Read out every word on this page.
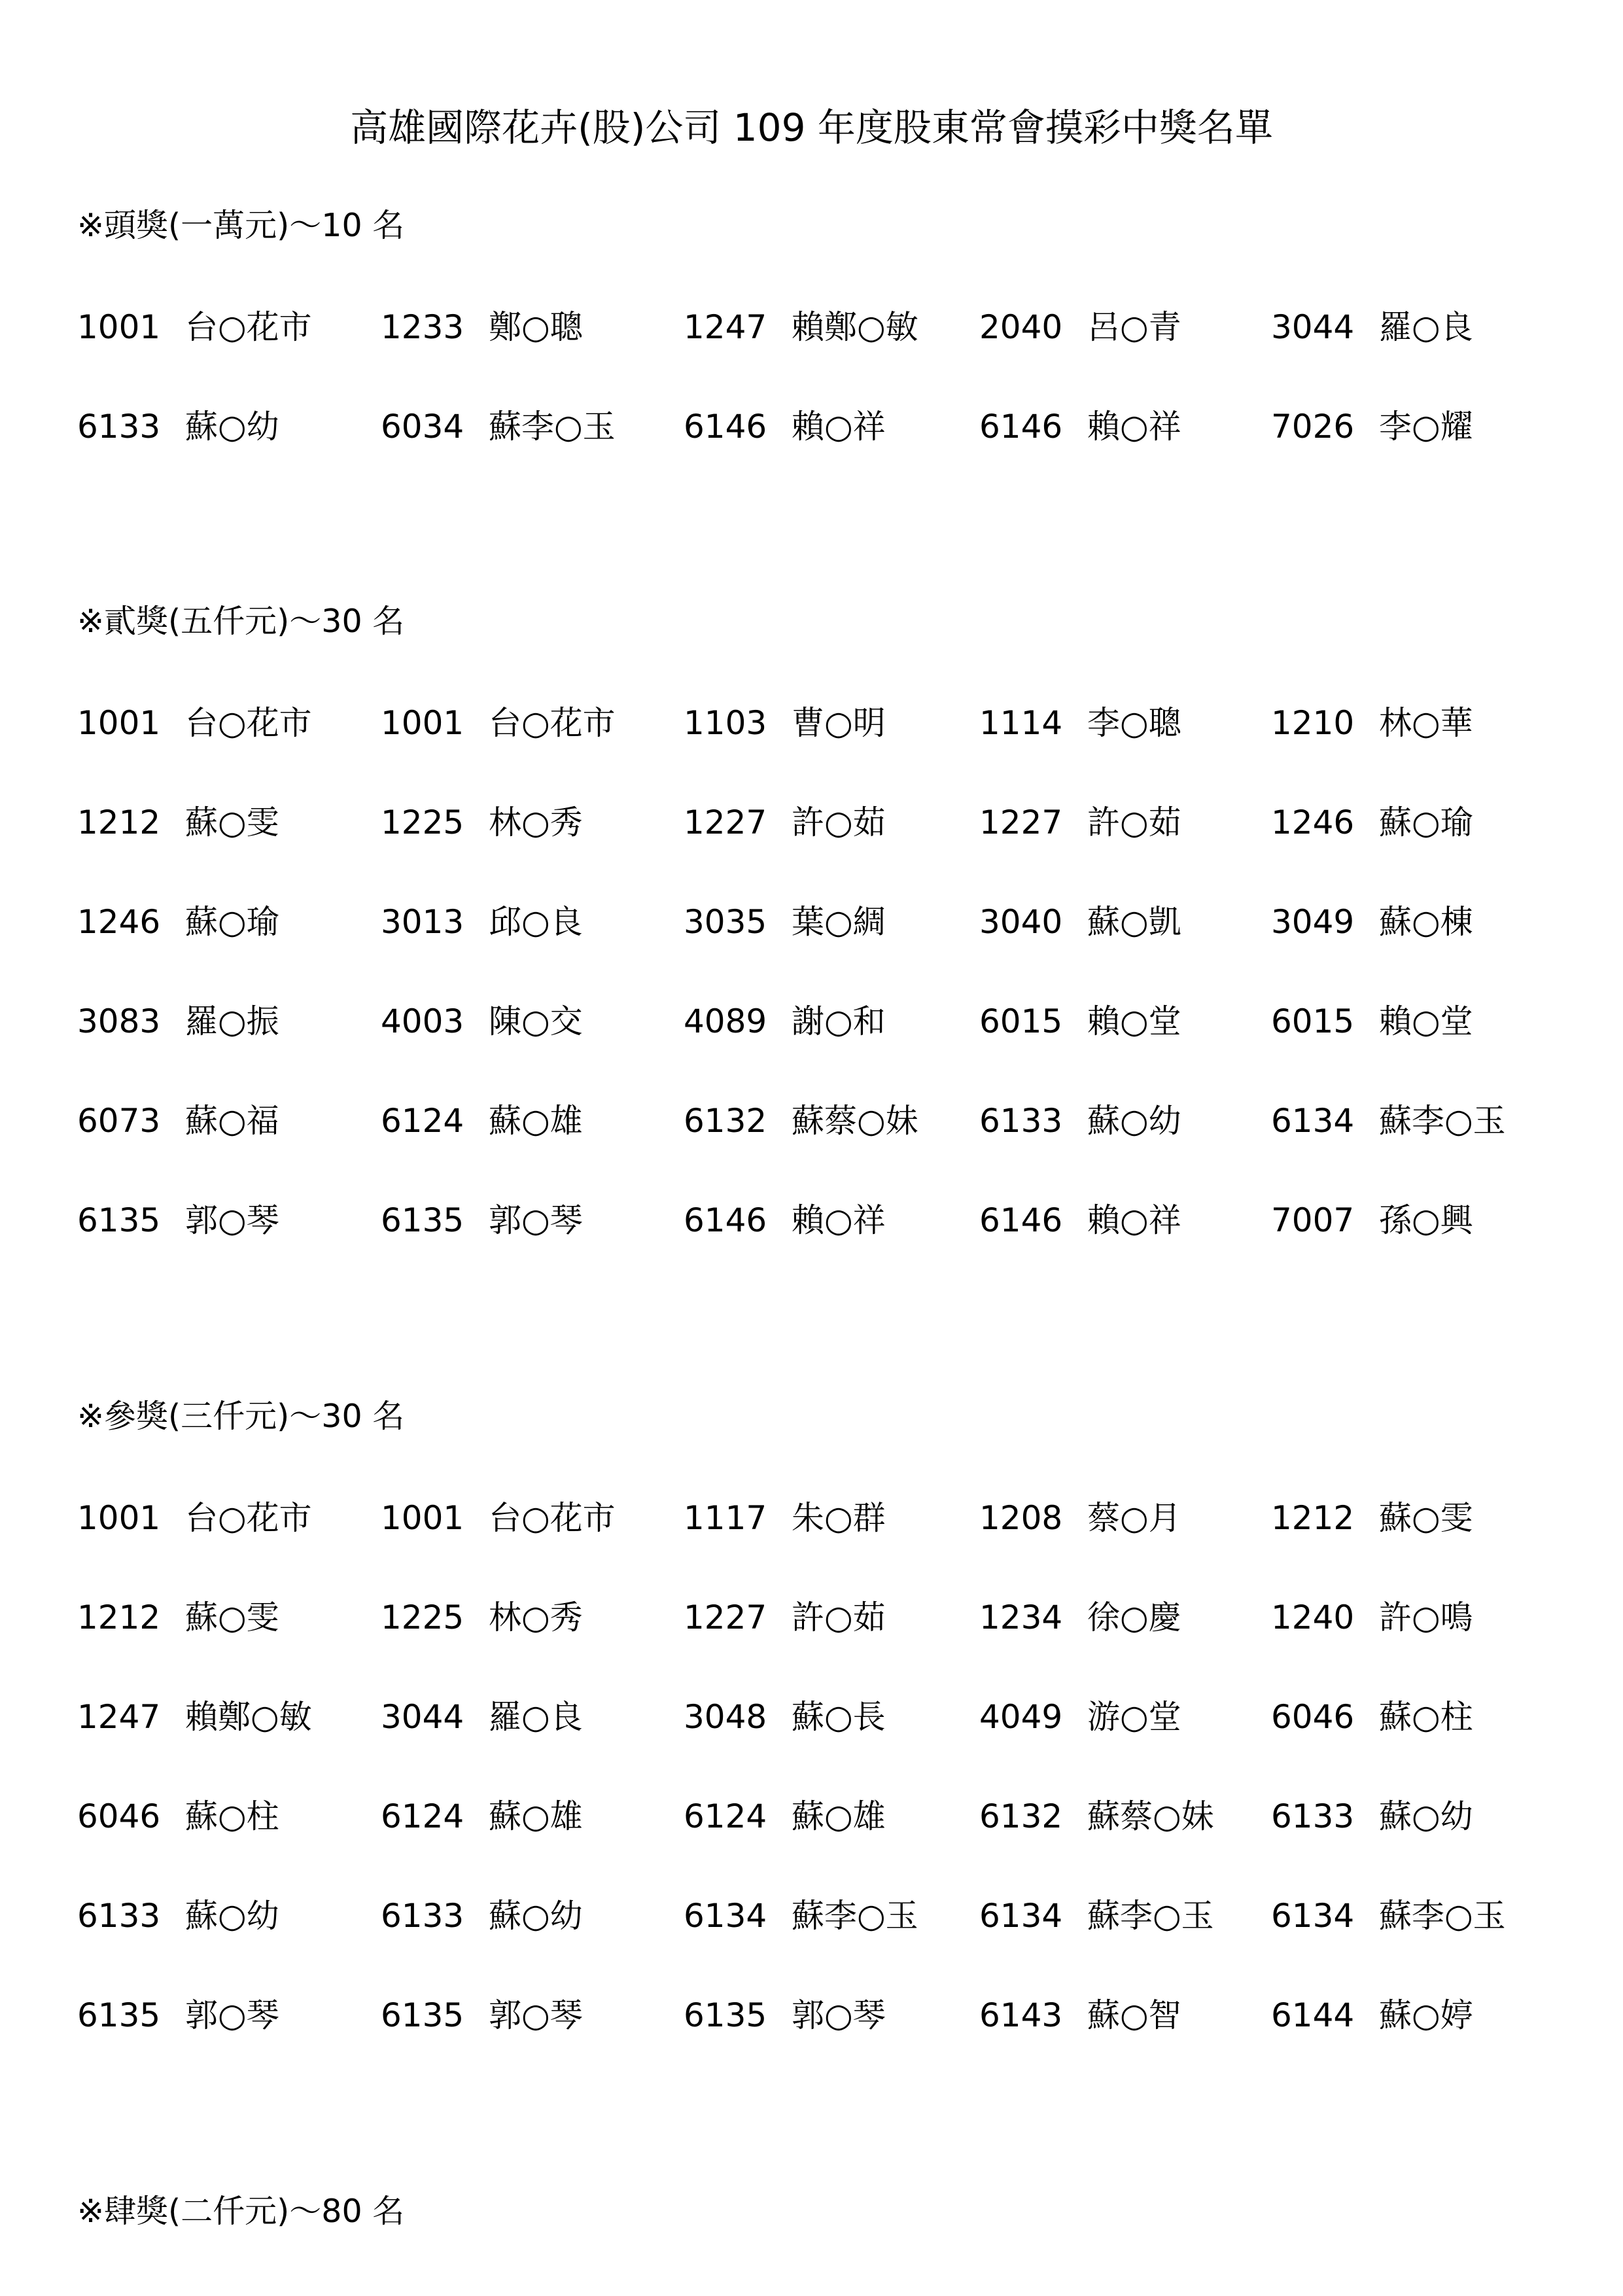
高雄國際花卉(股)公司 109 年度股東常會摸彩中獎名單
※頭獎(一萬元)～10 名
1001 台○花市 1233 鄭○聰	1247 賴鄭○敏 2040 呂○青	3044 羅○良
6133 蘇○幼	6034 蘇李○玉 6146 賴○祥	6146 賴○祥	7026 李○耀
※貳獎(五仟元)～30 名
1001 台○花市 1001 台○花市 1103 曹○明	1114 李○聰	1210 林○華
1212 蘇○雯	1225 林○秀	1227 許○茹	1227 許○茹	1246 蘇○瑜
1246 蘇○瑜	3013 邱○良	3035 葉○綢	3040 蘇○凱	3049 蘇○棟
3083 羅○振	4003 陳○交	4089 謝○和	6015 賴○堂	6015 賴○堂
6073 蘇○福	6124 蘇○雄	6132 蘇蔡○妹 6133 蘇○幼	6134 蘇李○玉
6135 郭○琴	6135 郭○琴	6146 賴○祥	6146 賴○祥	7007 孫○興
※參獎(三仟元)～30 名
1001 台○花市 1001 台○花市 1117 朱○群	1208 蔡○月	1212 蘇○雯
1212 蘇○雯	1225 林○秀	1227 許○茹	1234 徐○慶	1240 許○鳴
1247 賴鄭○敏 3044 羅○良	3048 蘇○長	4049 游○堂	6046 蘇○柱
6046 蘇○柱	6124 蘇○雄	6124 蘇○雄	6132 蘇蔡○妹 6133 蘇○幼
6133 蘇○幼	6133 蘇○幼	6134 蘇李○玉 6134 蘇李○玉 6134 蘇李○玉
6135 郭○琴	6135 郭○琴	6135 郭○琴	6143 蘇○智	6144 蘇○婷
※肆獎(二仟元)～80 名
